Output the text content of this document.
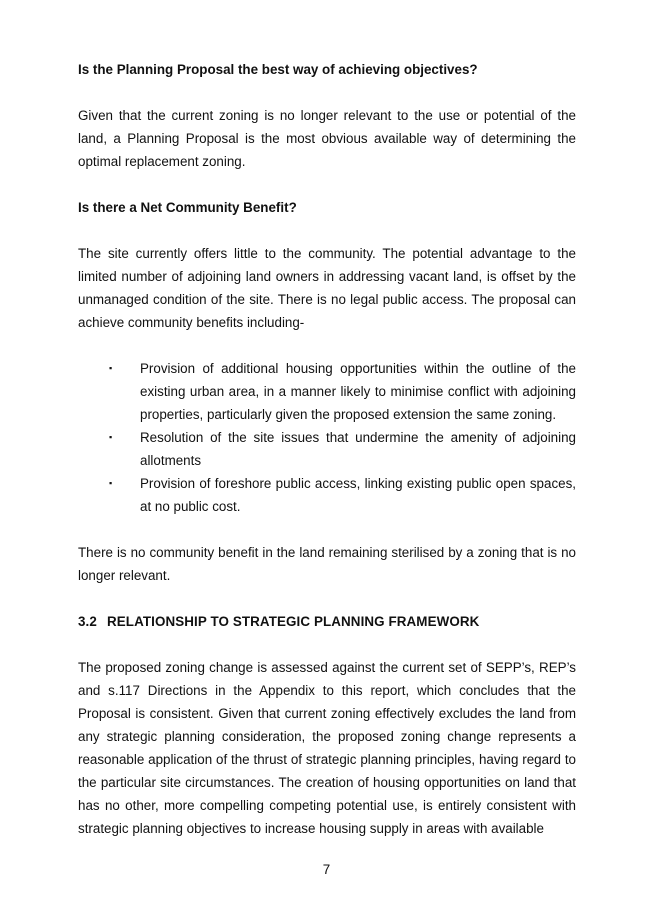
Is the Planning Proposal the best way of achieving objectives?

Given that the current zoning is no longer relevant to the use or potential of the land, a Planning Proposal is the most obvious available way of determining the optimal replacement zoning.

Is there a Net Community Benefit?

The site currently offers little to the community. The potential advantage to the limited number of adjoining land owners in addressing vacant land, is offset by the unmanaged condition of the site. There is no legal public access. The proposal can achieve community benefits including-

▪ Provision of additional housing opportunities within the outline of the existing urban area, in a manner likely to minimise conflict with adjoining properties, particularly given the proposed extension the same zoning.
▪ Resolution of the site issues that undermine the amenity of adjoining allotments
▪ Provision of foreshore public access, linking existing public open spaces, at no public cost.

There is no community benefit in the land remaining sterilised by a zoning that is no longer relevant.

3.2 RELATIONSHIP TO STRATEGIC PLANNING FRAMEWORK

The proposed zoning change is assessed against the current set of SEPP’s, REP’s and s.117 Directions in the Appendix to this report, which concludes that the Proposal is consistent. Given that current zoning effectively excludes the land from any strategic planning consideration, the proposed zoning change represents a reasonable application of the thrust of strategic planning principles, having regard to the particular site circumstances. The creation of housing opportunities on land that has no other, more compelling competing potential use, is entirely consistent with strategic planning objectives to increase housing supply in areas with available

7
